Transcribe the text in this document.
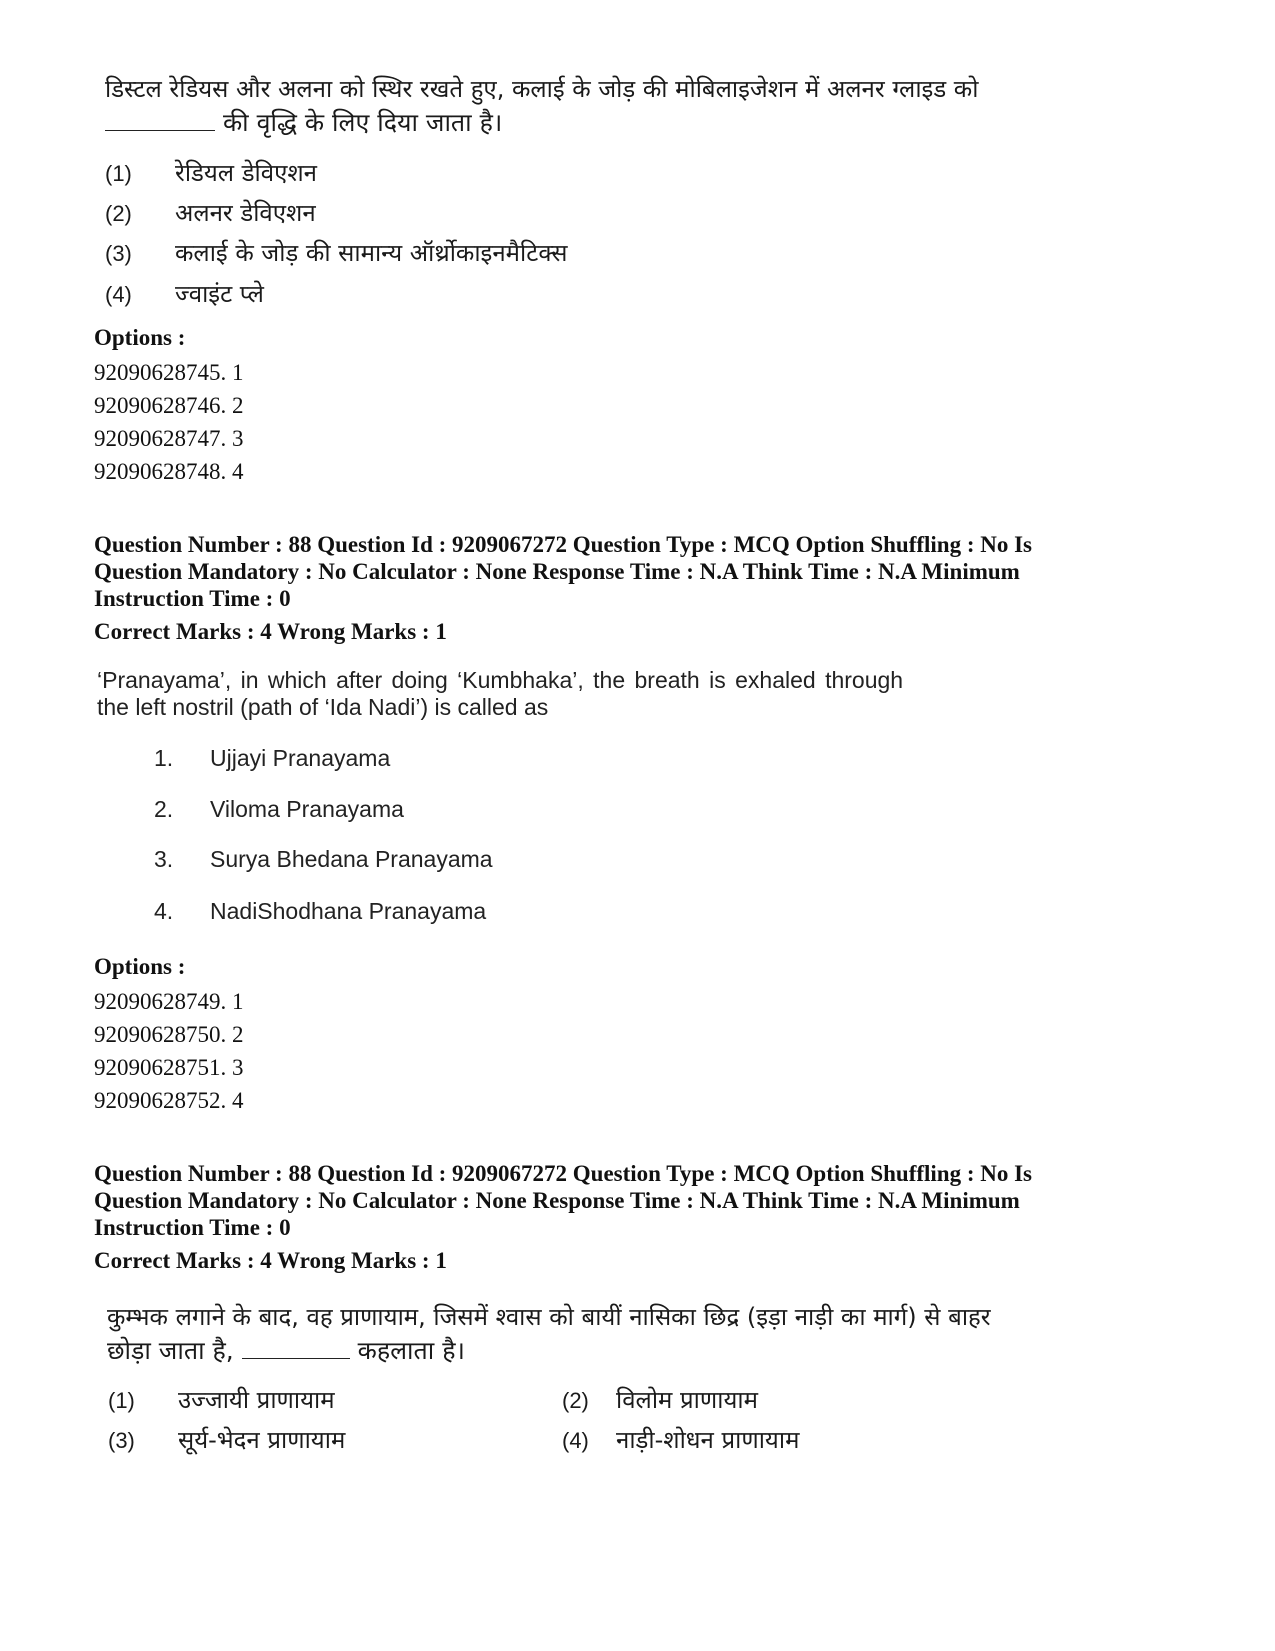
डिस्टल रेडियस और अलना को स्थिर रखते हुए, कलाई के जोड़ की मोबिलाइजेशन में अलनर ग्लाइड को
की वृद्धि के लिए दिया जाता है।
(1) रेडियल डेविएशन
(2) अलनर डेविएशन
(3) कलाई के जोड़ की सामान्य ऑर्थ्रोकाइनमैटिक्स
(4) ज्वाइंट प्ले
Options :
92090628745. 1
92090628746. 2
92090628747. 3
92090628748. 4
Question Number : 88 Question Id : 9209067272 Question Type : MCQ Option Shuffling : No Is
Question Mandatory : No Calculator : None Response Time : N.A Think Time : N.A Minimum
Instruction Time : 0
Correct Marks : 4 Wrong Marks : 1
‘Pranayama’, in which after doing ‘Kumbhaka’, the breath is exhaled through
the left nostril (path of ‘Ida Nadi’) is called as
1. Ujjayi Pranayama
2. Viloma Pranayama
3. Surya Bhedana Pranayama
4. NadiShodhana Pranayama
Options :
92090628749. 1
92090628750. 2
92090628751. 3
92090628752. 4
Question Number : 88 Question Id : 9209067272 Question Type : MCQ Option Shuffling : No Is
Question Mandatory : No Calculator : None Response Time : N.A Think Time : N.A Minimum
Instruction Time : 0
Correct Marks : 4 Wrong Marks : 1
कुम्भक लगाने के बाद, वह प्राणायाम, जिसमें श्वास को बायीं नासिका छिद्र (इड़ा नाड़ी का मार्ग) से बाहर
छोड़ा जाता है,	कहलाता है।
(1) उज्जायी प्राणायाम	(2) विलोम प्राणायाम
(3) सूर्य-भेदन प्राणायाम	(4) नाड़ी-शोधन प्राणायाम
